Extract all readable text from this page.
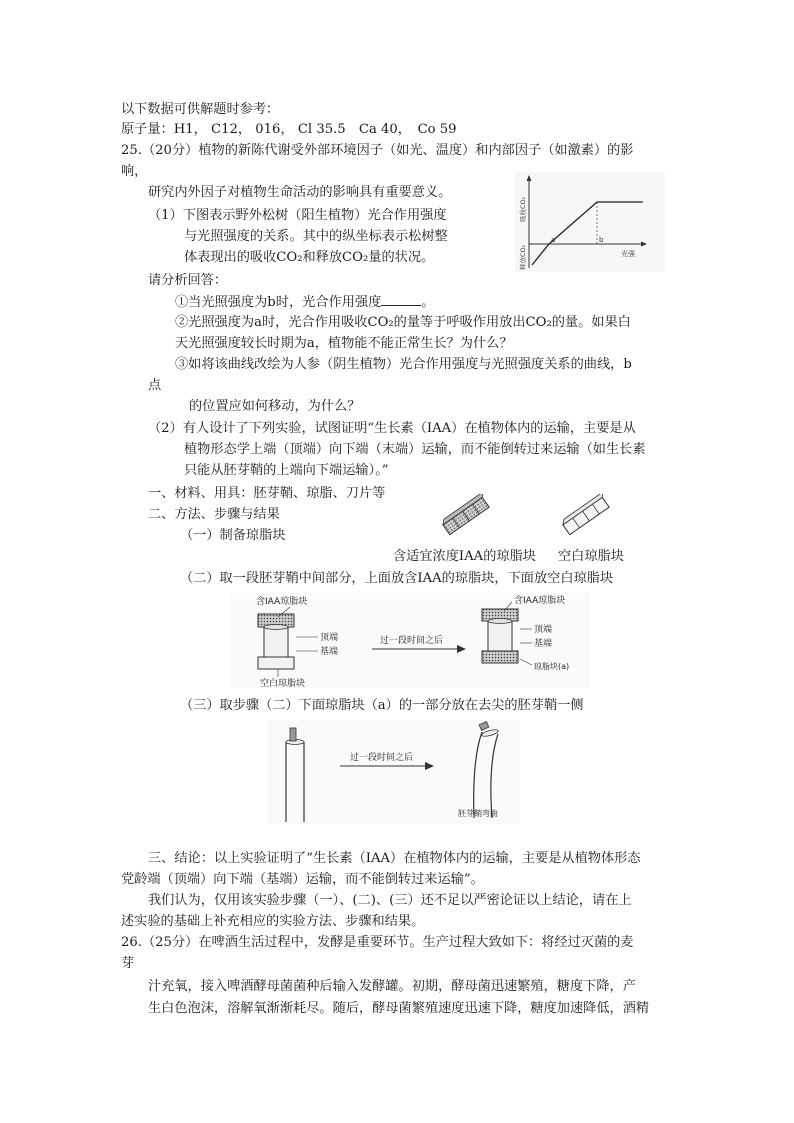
以下数据可供解题时参考：
原子量：H1， C12， 016， Cl 35.5　Ca 40，　Co 59
25.（20分）植物的新陈代谢受外部环境因子（如光、温度）和内部因子（如激素）的影
响，
研究内外因子对植物生命活动的影响具有重要意义。
（1）下图表示野外松树（阳生植物）光合作用强度
与光照强度的关系。其中的纵坐标表示松树整
体表现出的吸收CO₂和释放CO₂量的状况。
a	b
光强
吸收CO₂
释放CO₂
请分析回答：
①当光照强度为b时，光合作用强度	。
②光照强度为a时，光合作用吸收CO₂的量等于呼吸作用放出CO₂的量。如果白
天光照强度较长时期为a，植物能不能正常生长？为什么？
③如将该曲线改绘为人参（阴生植物）光合作用强度与光照强度关系的曲线，b
点
的位置应如何移动，为什么？
（2）有人设计了下列实验，试图证明“生长素（IAA）在植物体内的运输，主要是从
植物形态学上端（顶端）向下端（末端）运输，而不能倒转过来运输（如生长素
只能从胚芽鞘的上端向下端运输）。”
一、材料、用具：胚芽鞘、琼脂、刀片等
二、方法、步骤与结果
（一）制备琼脂块
含适宜浓度IAA的琼脂块 空白琼脂块
（二）取一段胚芽鞘中间部分，上面放含IAA的琼脂块，下面放空白琼脂块
含IAA琼脂块
顶端
基端
空白琼脂块
过一段时间之后
含IAA琼脂块
顶端
基端
琼脂块(a)
（三）取步骤（二）下面琼脂块（a）的一部分放在去尖的胚芽鞘一侧
过一段时间之后
胚芽鞘弯曲
三、结论：以上实验证明了“生长素（IAA）在植物体内的运输，主要是从植物体形态
党龄端（顶端）向下端（基端）运输，而不能倒转过来运输”。
我们认为，仅用该实验步骤（一）、(二)、(三）还不足以严密论证以上结论，请在上
述实验的基础上补充相应的实验方法、步骤和结果。
26.（25分）在啤酒生活过程中，发酵是重要环节。生产过程大致如下：将经过灭菌的麦
芽
汁充氧，接入啤酒酵母菌菌种后输入发酵罐。初期，酵母菌迅速繁殖，糖度下降，产
生白色泡沫，溶解氧渐渐耗尽。随后，酵母菌繁殖速度迅速下降，糖度加速降低，酒精
